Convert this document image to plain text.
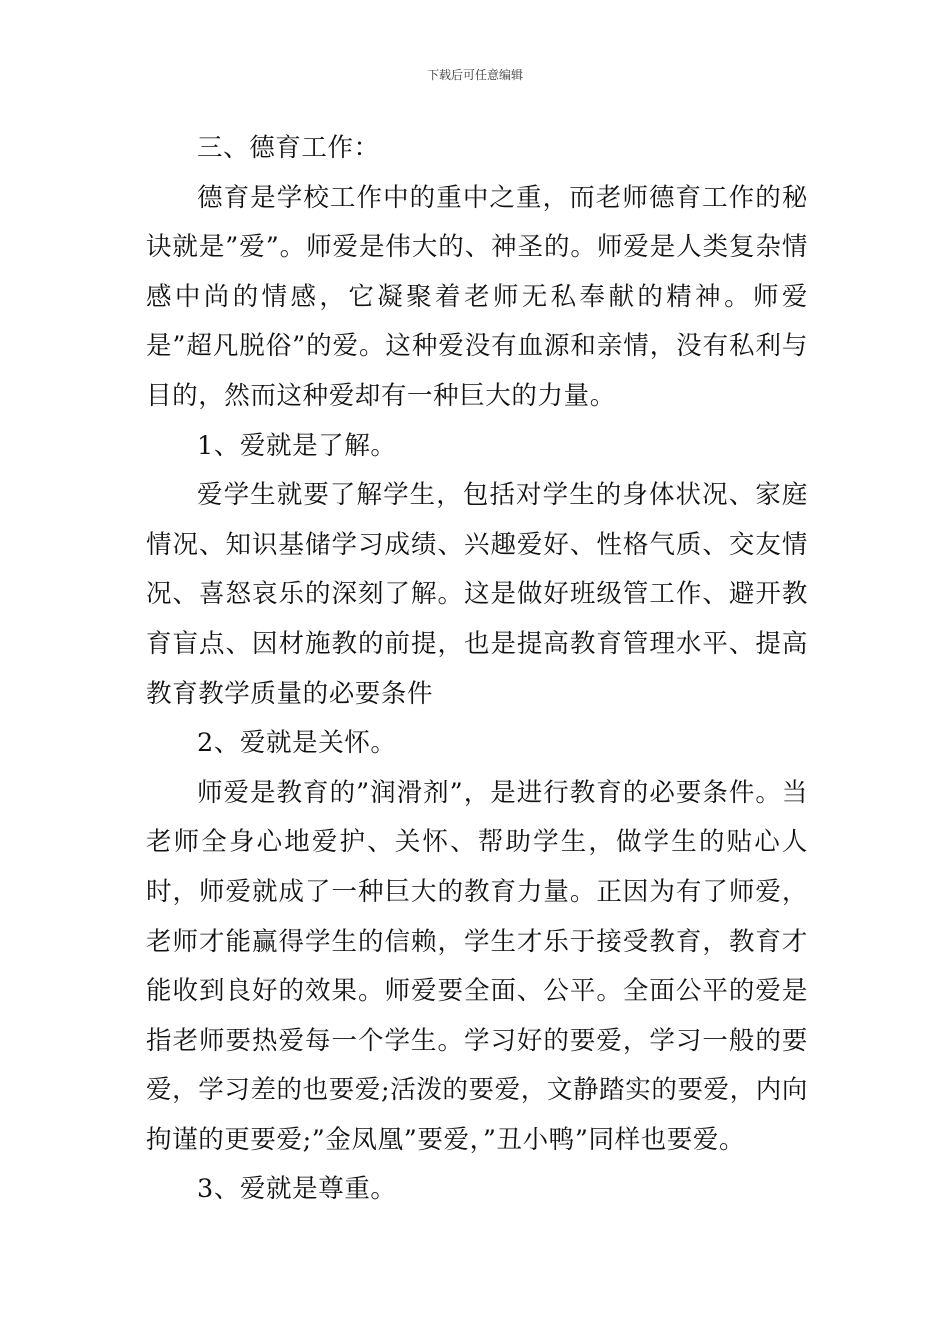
下载后可任意编辑

三、德育工作：

德育是学校工作中的重中之重，而老师德育工作的秘诀就是”爱”。师爱是伟大的、神圣的。师爱是人类复杂情感中尚的情感，它凝聚着老师无私奉献的精神。师爱是”超凡脱俗”的爱。这种爱没有血源和亲情，没有私利与目的，然而这种爱却有一种巨大的力量。

1、爱就是了解。

爱学生就要了解学生，包括对学生的身体状况、家庭情况、知识基储学习成绩、兴趣爱好、性格气质、交友情况、喜怒哀乐的深刻了解。这是做好班级管工作、避开教育盲点、因材施教的前提，也是提高教育管理水平、提高教育教学质量的必要条件

2、爱就是关怀。

师爱是教育的”润滑剂”，是进行教育的必要条件。当老师全身心地爱护、关怀、帮助学生，做学生的贴心人时，师爱就成了一种巨大的教育力量。正因为有了师爱，老师才能赢得学生的信赖，学生才乐于接受教育，教育才能收到良好的效果。师爱要全面、公平。全面公平的爱是指老师要热爱每一个学生。学习好的要爱，学习一般的要爱，学习差的也要爱;活泼的要爱，文静踏实的要爱，内向拘谨的更要爱;”金凤凰”要爱，”丑小鸭”同样也要爱。

3、爱就是尊重。
